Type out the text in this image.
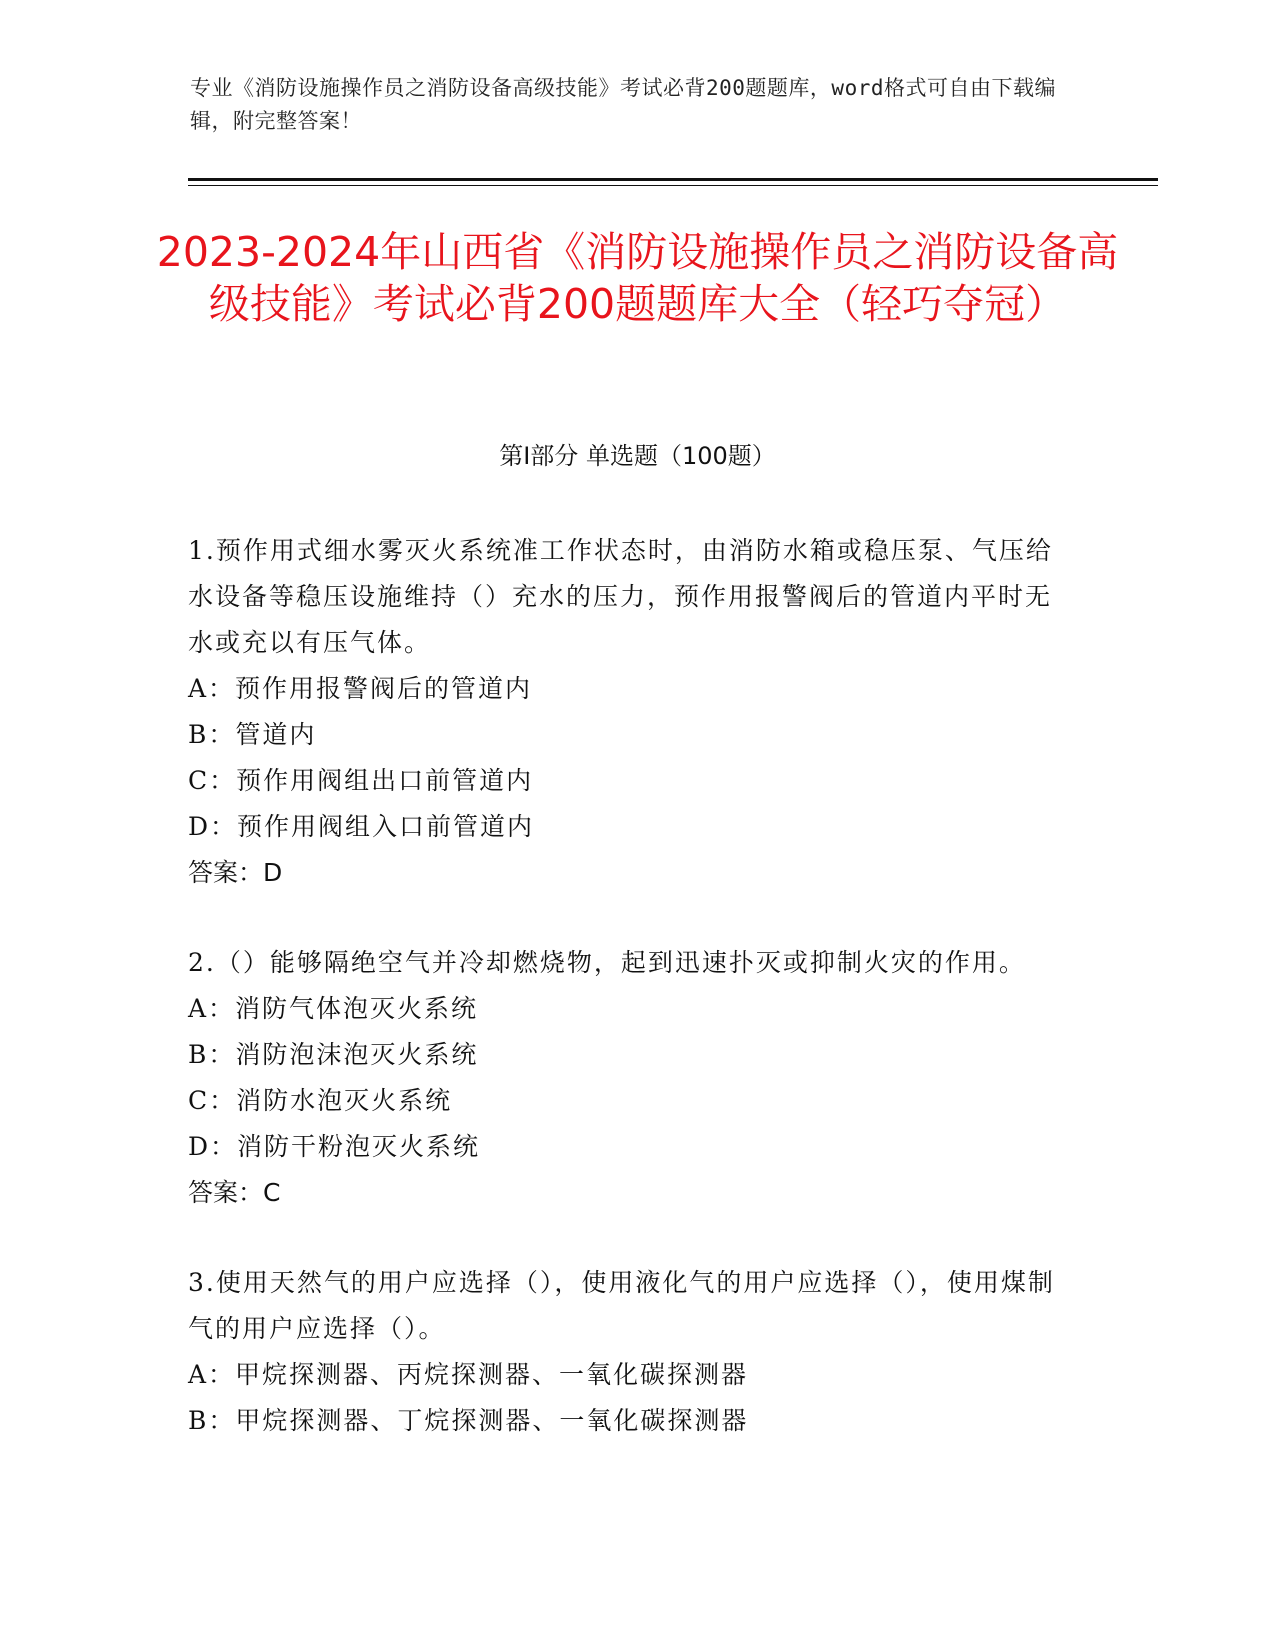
专业《消防设施操作员之消防设备高级技能》考试必背200题题库，word格式可自由下载编辑，附完整答案！
2023-2024年山西省《消防设施操作员之消防设备高级技能》考试必背200题题库大全（轻巧夺冠）
第Ⅰ部分 单选题（100题）

1.预作用式细水雾灭火系统准工作状态时，由消防水箱或稳压泵、气压给水设备等稳压设施维持（）充水的压力，预作用报警阀后的管道内平时无水或充以有压气体。

A：预作用报警阀后的管道内

B：管道内

C：预作用阀组出口前管道内

D：预作用阀组入口前管道内

答案：D

2.（）能够隔绝空气并冷却燃烧物，起到迅速扑灭或抑制火灾的作用。

A：消防气体泡灭火系统

B：消防泡沫泡灭火系统

C：消防水泡灭火系统

D：消防干粉泡灭火系统

答案：C

3.使用天然气的用户应选择（），使用液化气的用户应选择（），使用煤制气的用户应选择（）。

A：甲烷探测器、丙烷探测器、一氧化碳探测器

B：甲烷探测器、丁烷探测器、一氧化碳探测器
